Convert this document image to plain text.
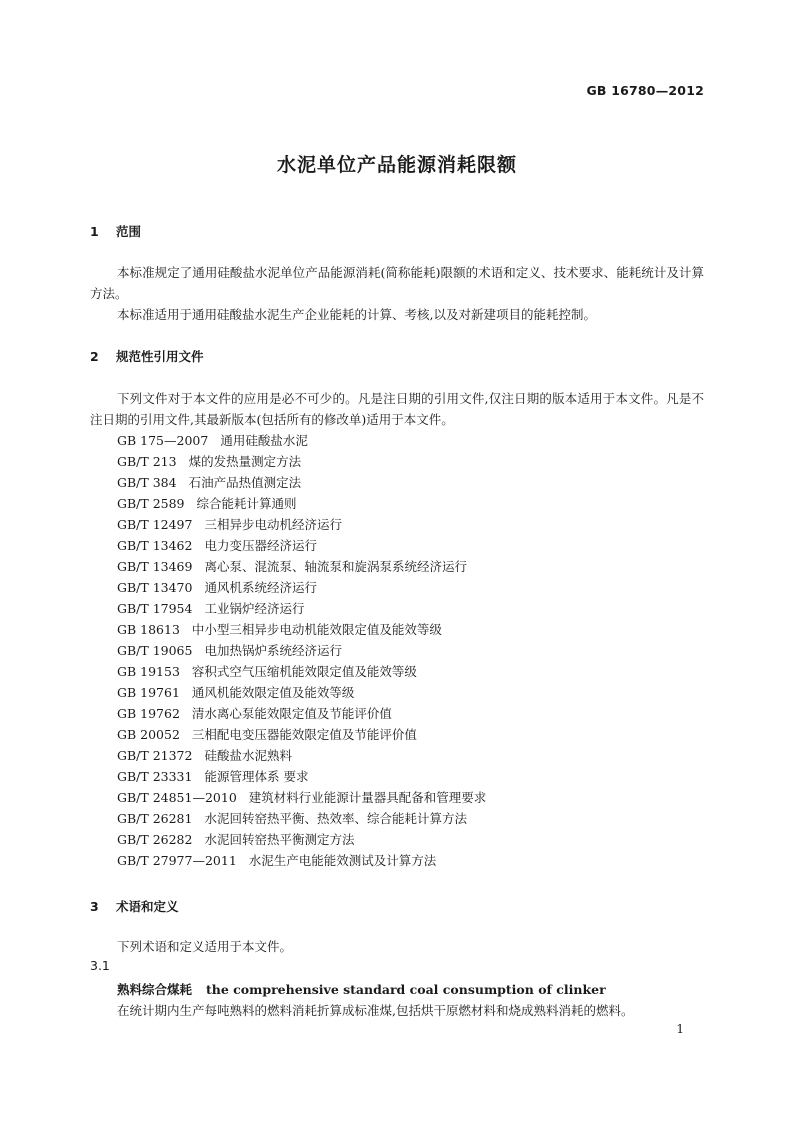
GB 16780—2012
水泥单位产品能源消耗限额
1 范围
本标准规定了通用硅酸盐水泥单位产品能源消耗(简称能耗)限额的术语和定义、技术要求、能耗统计及计算方法。
本标准适用于通用硅酸盐水泥生产企业能耗的计算、考核,以及对新建项目的能耗控制。
2 规范性引用文件
下列文件对于本文件的应用是必不可少的。凡是注日期的引用文件,仅注日期的版本适用于本文件。凡是不注日期的引用文件,其最新版本(包括所有的修改单)适用于本文件。
GB 175—2007 通用硅酸盐水泥
GB/T 213 煤的发热量测定方法
GB/T 384 石油产品热值测定法
GB/T 2589 综合能耗计算通则
GB/T 12497 三相异步电动机经济运行
GB/T 13462 电力变压器经济运行
GB/T 13469 离心泵、混流泵、轴流泵和旋涡泵系统经济运行
GB/T 13470 通风机系统经济运行
GB/T 17954 工业锅炉经济运行
GB 18613 中小型三相异步电动机能效限定值及能效等级
GB/T 19065 电加热锅炉系统经济运行
GB 19153 容积式空气压缩机能效限定值及能效等级
GB 19761 通风机能效限定值及能效等级
GB 19762 清水离心泵能效限定值及节能评价值
GB 20052 三相配电变压器能效限定值及节能评价值
GB/T 21372 硅酸盐水泥熟料
GB/T 23331 能源管理体系 要求
GB/T 24851—2010 建筑材料行业能源计量器具配备和管理要求
GB/T 26281 水泥回转窑热平衡、热效率、综合能耗计算方法
GB/T 26282 水泥回转窑热平衡测定方法
GB/T 27977—2011 水泥生产电能能效测试及计算方法
3 术语和定义
下列术语和定义适用于本文件。
3.1
熟料综合煤耗 the comprehensive standard coal consumption of clinker
在统计期内生产每吨熟料的燃料消耗折算成标准煤,包括烘干原燃材料和烧成熟料消耗的燃料。
1
